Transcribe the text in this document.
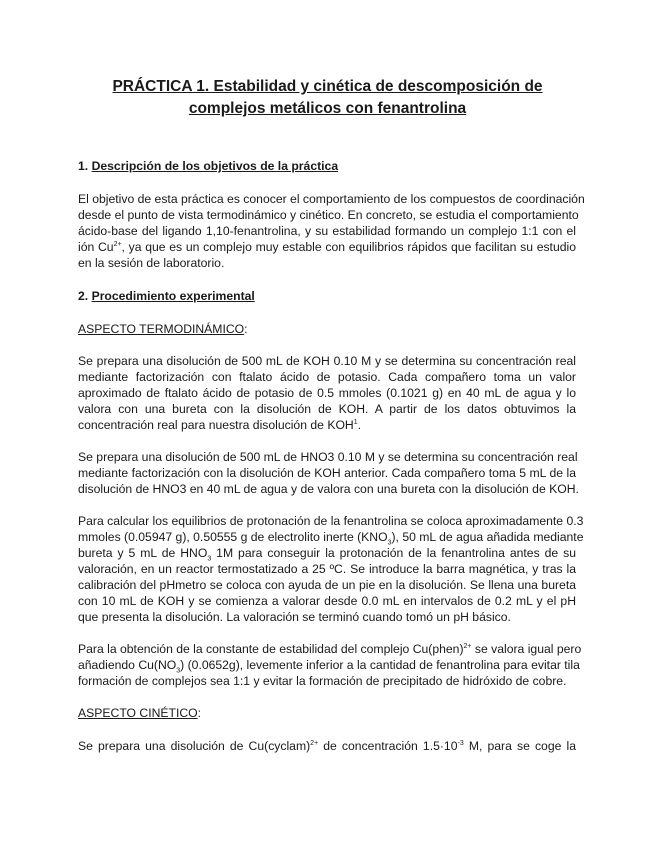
PRÁCTICA 1. Estabilidad y cinética de descomposición de
complejos metálicos con fenantrolina
1. Descripción de los objetivos de la práctica
El objetivo de esta práctica es conocer el comportamiento de los compuestos de coordinación
desde el punto de vista termodinámico y cinético. En concreto, se estudia el comportamiento
ácido-base del ligando 1,10-fenantrolina, y su estabilidad formando un complejo 1:1 con el
ión $Cu^{2+}$, ya que es un complejo muy estable con equilibrios rápidos que facilitan su estudio
en la sesión de laboratorio.
2. Procedimiento experimental
ASPECTO TERMODINÁMICO:
Se prepara una disolución de 500 mL de KOH 0.10 M y se determina su concentración real
mediante factorización con ftalato ácido de potasio. Cada compañero toma un valor
aproximado de ftalato ácido de potasio de 0.5 mmoles (0.1021 g) en 40 mL de agua y lo
valora con una bureta con la disolución de KOH. A partir de los datos obtuvimos la
concentración real para nuestra disolución de KOH$^1$.
Se prepara una disolución de 500 mL de HNO3 0.10 M y se determina su concentración real
mediante factorización con la disolución de KOH anterior. Cada compañero toma 5 mL de la
disolución de HNO3 en 40 mL de agua y de valora con una bureta con la disolución de KOH.
Para calcular los equilibrios de protonación de la fenantrolina se coloca aproximadamente 0.3
mmoles (0.05947 g), 0.50555 g de electrolito inerte $(KNO_3)$, 50 mL de agua añadida mediante
bureta y 5 mL de $HNO_3$ 1M para conseguir la protonación de la fenantrolina antes de su
valoración, en un reactor termostatizado a 25 ºC. Se introduce la barra magnética, y tras la
calibración del pHmetro se coloca con ayuda de un pie en la disolución. Se llena una bureta
con 10 mL de KOH y se comienza a valorar desde 0.0 mL en intervalos de 0.2 mL y el pH
que presenta la disolución. La valoración se terminó cuando tomó un pH básico.
Para la obtención de la constante de estabilidad del complejo Cu(phen)$^{2+}$ se valora igual pero
añadiendo $Cu(NO_3)$ (0.0652g), levemente inferior a la cantidad de fenantrolina para evitar tila
formación de complejos sea 1:1 y evitar la formación de precipitado de hidróxido de cobre.
ASPECTO CINÉTICO:
Se prepara una disolución de Cu(cyclam)$^{2+}$ de concentración $1.5\cdot 10^{-3}$ M, para se coge la
